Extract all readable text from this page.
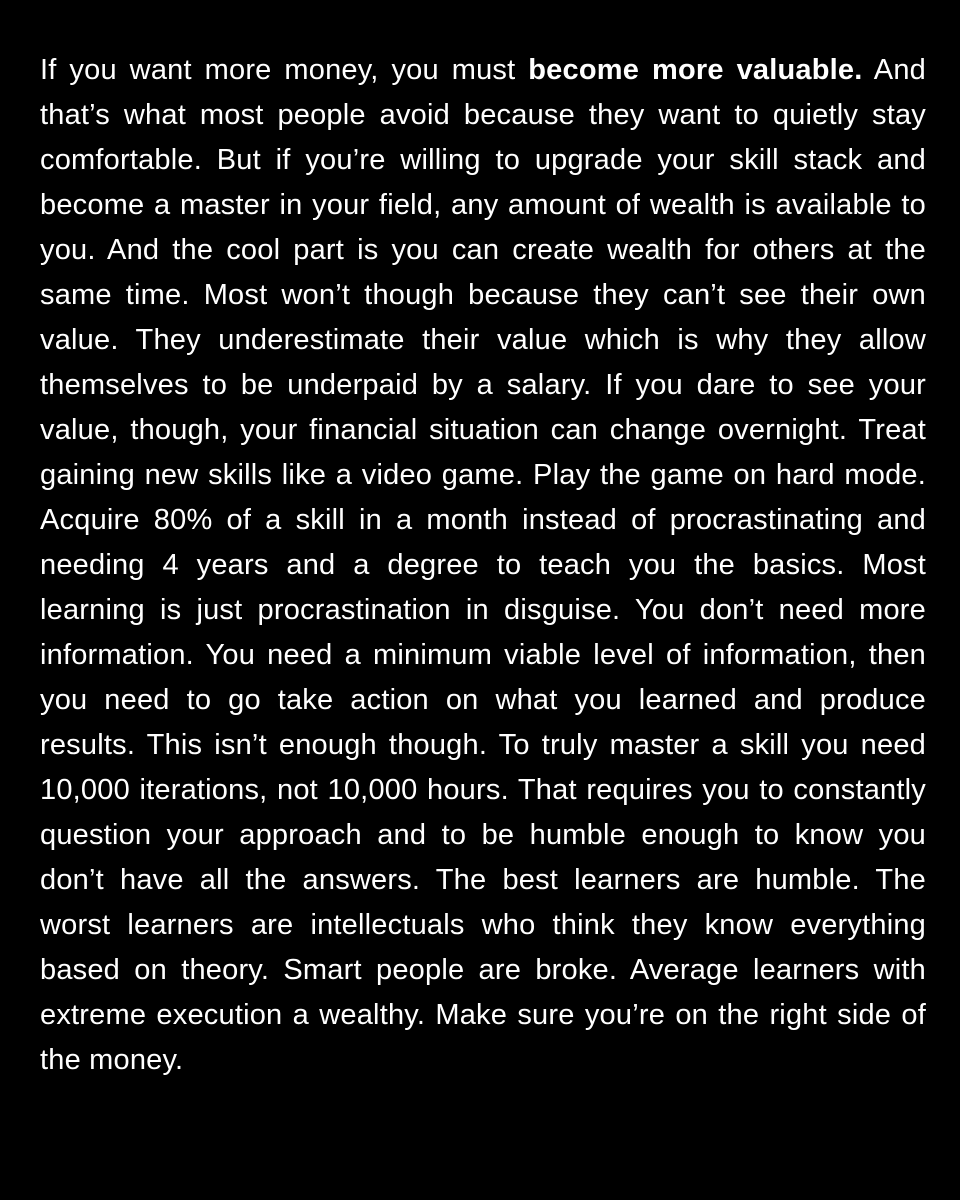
If you want more money, you must become more valuable. And that’s what most people avoid because they want to quietly stay comfortable. But if you’re willing to upgrade your skill stack and become a master in your field, any amount of wealth is available to you. And the cool part is you can create wealth for others at the same time. Most won’t though because they can’t see their own value. They underestimate their value which is why they allow themselves to be underpaid by a salary. If you dare to see your value, though, your financial situation can change overnight. Treat gaining new skills like a video game. Play the game on hard mode. Acquire 80% of a skill in a month instead of procrastinating and needing 4 years and a degree to teach you the basics. Most learning is just procrastination in disguise. You don’t need more information. You need a minimum viable level of information, then you need to go take action on what you learned and produce results. This isn’t enough though. To truly master a skill you need 10,000 iterations, not 10,000 hours. That requires you to constantly question your approach and to be humble enough to know you don’t have all the answers. The best learners are humble. The worst learners are intellectuals who think they know everything based on theory. Smart people are broke. Average learners with extreme execution a wealthy. Make sure you’re on the right side of the money.
